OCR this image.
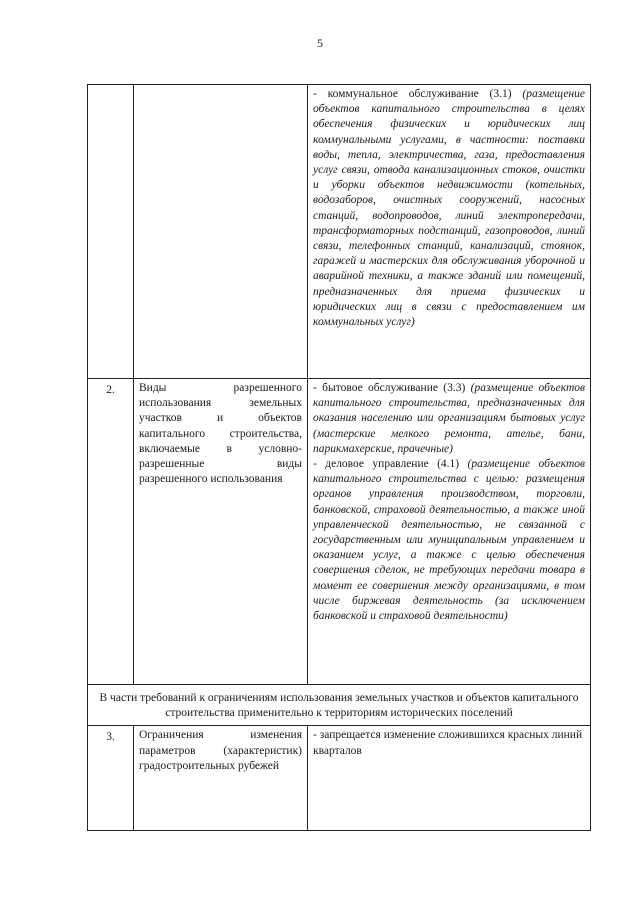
5

		- коммунальное обслуживание (3.1) (размещение объектов капитального строительства в целях обеспечения физических и юридических лиц коммунальными услугами, в частности: поставки воды, тепла, электричества, газа, предоставления услуг связи, отвода канализационных стоков, очистки и уборки объектов недвижимости (котельных, водозаборов, очистных сооружений, насосных станций, водопроводов, линий электропередачи, трансформаторных подстанций, газопроводов, линий связи, телефонных станций, канализаций, стоянок, гаражей и мастерских для обслуживания уборочной и аварийной техники, а также зданий или помещений, предназначенных для приема физических и юридических лиц в связи с предоставлением им коммунальных услуг)

2.	Виды разрешенного использования земельных участков и объектов капитального строительства, включаемые в условно-разрешенные виды разрешенного использования	- бытовое обслуживание (3.3) (размещение объектов капитального строительства, предназначенных для оказания населению или организациям бытовых услуг (мастерские мелкого ремонта, ателье, бани, парикмахерские, прачечные)
- деловое управление (4.1) (размещение объектов капитального строительства с целью: размещения органов управления производством, торговли, банковской, страховой деятельностью, а также иной управленческой деятельностью, не связанной с государственным или муниципальным управлением и оказанием услуг, а также с целью обеспечения совершения сделок, не требующих передачи товара в момент ее совершения между организациями, в том числе биржевая деятельность (за исключением банковской и страховой деятельности)

В части требований к ограничениям использования земельных участков и объектов капитального строительства применительно к территориям исторических поселений		
3.	Ограничения изменения параметров (характеристик) градостроительных рубежей	- запрещается изменение сложившихся красных линий кварталов
